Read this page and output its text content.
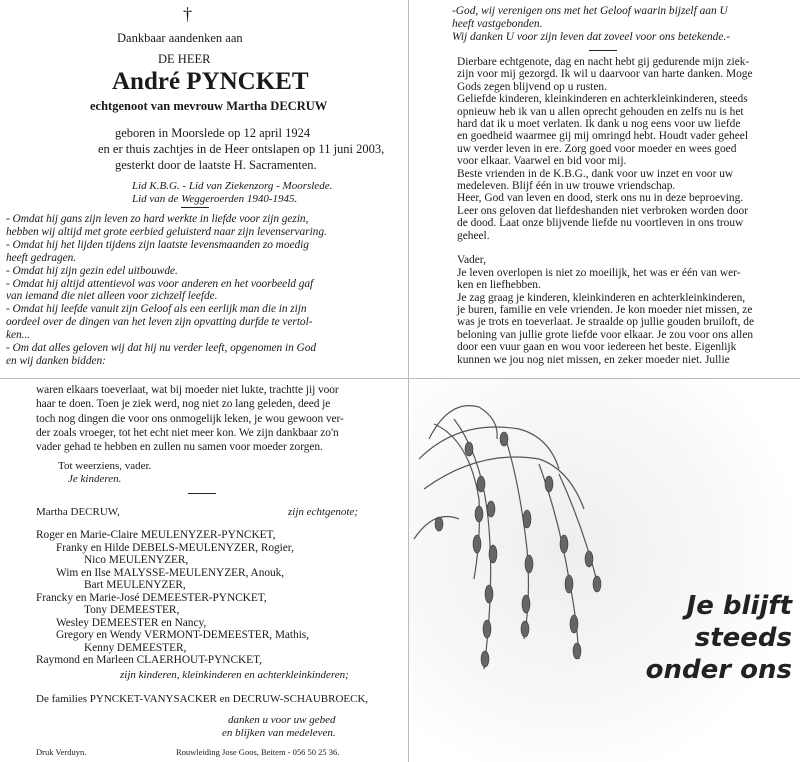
†
Dankbaar aandenken aan
DE HEER
André PYNCKET
echtgenoot van mevrouw Martha DECRUW
geboren in Moorslede op 12 april 1924
en er thuis zachtjes in de Heer ontslapen op 11 juni 2003,
gesterkt door de laatste H. Sacramenten.
Lid K.B.G. - Lid van Ziekenzorg - Moorslede.
Lid van de Weggeroerden 1940-1945.
- Omdat hij gans zijn leven zo hard werkte in liefde voor zijn gezin,
hebben wij altijd met grote eerbied geluisterd naar zijn levenservaring.
- Omdat hij het lijden tijdens zijn laatste levensmaanden zo moedig
heeft gedragen.
- Omdat hij zijn gezin edel uitbouwde.
- Omdat hij altijd attentievol was voor anderen en het voorbeeld gaf
van iemand die niet alleen voor zichzelf leefde.
- Omdat hij leefde vanuit zijn Geloof als een eerlijk man die in zijn
oordeel over de dingen van het leven zijn opvatting durfde te vertol-
ken...
- Om dat alles geloven wij dat hij nu verder leeft, opgenomen in God
en wij danken bidden:
-God, wij verenigen ons met het Geloof waarin bijzelf aan U
heeft vastgebonden.
Wij danken U voor zijn leven dat zoveel voor ons betekende.-
Dierbare echtgenote, dag en nacht hebt gij gedurende mijn ziek-
zijn voor mij gezorgd. Ik wil u daarvoor van harte danken. Moge
Gods zegen blijvend op u rusten.
Geliefde kinderen, kleinkinderen en achterkleinkinderen, steeds
opnieuw heb ik van u allen oprecht gehouden en zelfs nu is het
hard dat ik u moet verlaten. Ik dank u nog eens voor uw liefde
en goedheid waarmee gij mij omringd hebt. Houdt vader geheel
uw verder leven in ere. Zorg goed voor moeder en wees goed
voor elkaar. Vaarwel en bid voor mij.
Beste vrienden in de K.B.G., dank voor uw inzet en voor uw
medeleven. Blijf één in uw trouwe vriendschap.
Heer, God van leven en dood, sterk ons nu in deze beproeving.
Leer ons geloven dat liefdeshanden niet verbroken worden door
de dood. Laat onze blijvende liefde nu voortleven in ons trouw
geheel.
Vader,
Je leven overlopen is niet zo moeilijk, het was er één van wer-
ken en liefhebben.
Je zag graag je kinderen, kleinkinderen en achterkleinkinderen,
je buren, familie en vele vrienden. Je kon moeder niet missen, ze
was je trots en toeverlaat. Je straalde op jullie gouden bruiloft, de
beloning van jullie grote liefde voor elkaar. Je zou voor ons allen
door een vuur gaan en wou voor iedereen het beste. Eigenlijk
kunnen we jou nog niet missen, en zeker moeder niet. Jullie
waren elkaars toeverlaat, wat bij moeder niet lukte, trachtte jij voor
haar te doen. Toen je ziek werd, nog niet zo lang geleden, deed je
toch nog dingen die voor ons onmogelijk leken, je wou gewoon ver-
der zoals vroeger, tot het echt niet meer kon. We zijn dankbaar zo'n
vader gehad te hebben en zullen nu samen voor moeder zorgen.
Tot weerziens, vader.
Je kinderen.
Martha DECRUW,	zijn echtgenote;
Roger en Marie-Claire MEULENYZER-PYNCKET,
Franky en Hilde DEBELS-MEULENYZER, Rogier,
Nico MEULENYZER,
Wim en Ilse MALYSSE-MEULENYZER, Anouk,
Bart MEULENYZER,
Francky en Marie-José DEMEESTER-PYNCKET,
Tony DEMEESTER,
Wesley DEMEESTER en Nancy,
Gregory en Wendy VERMONT-DEMEESTER, Mathis,
Kenny DEMEESTER,
Raymond en Marleen CLAERHOUT-PYNCKET,
zijn kinderen, kleinkinderen en achterkleinkinderen;
De families PYNCKET-VANYSACKER en DECRUW-SCHAUBROECK,
danken u voor uw gebed
en blijken van medeleven.
Druk Verduyn.	Rouwleiding Jose Goos, Beitem - 056 50 25 36.
Je blijft
steeds
onder ons
